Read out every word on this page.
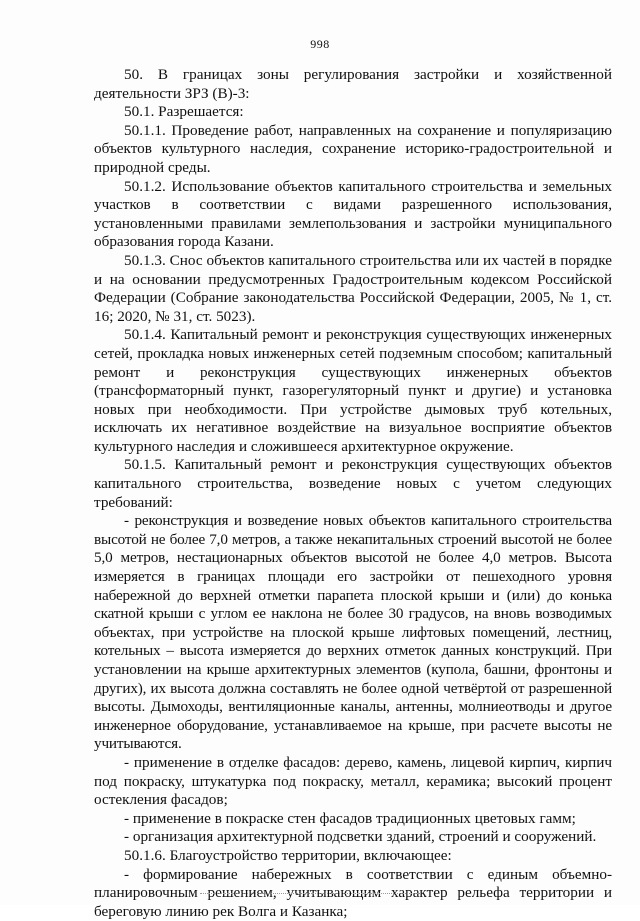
998

50. В границах зоны регулирования застройки и хозяйственной деятельности ЗРЗ (В)-3:

50.1. Разрешается:

50.1.1. Проведение работ, направленных на сохранение и популяризацию объектов культурного наследия, сохранение историко-градостроительной и природной среды.

50.1.2. Использование объектов капитального строительства и земельных участков в соответствии с видами разрешенного использования, установленными правилами землепользования и застройки муниципального образования города Казани.

50.1.3. Снос объектов капитального строительства или их частей в порядке и на основании предусмотренных Градостроительным кодексом Российской Федерации (Собрание законодательства Российской Федерации, 2005, № 1, ст. 16; 2020, № 31, ст. 5023).

50.1.4. Капитальный ремонт и реконструкция существующих инженерных сетей, прокладка новых инженерных сетей подземным способом; капитальный ремонт и реконструкция существующих инженерных объектов (трансформаторный пункт, газорегуляторный пункт и другие) и установка новых при необходимости. При устройстве дымовых труб котельных, исключать их негативное воздействие на визуальное восприятие объектов культурного наследия и сложившееся архитектурное окружение.

50.1.5. Капитальный ремонт и реконструкция существующих объектов капитального строительства, возведение новых с учетом следующих требований:

- реконструкция и возведение новых объектов капитального строительства высотой не более 7,0 метров, а также некапитальных строений высотой не более 5,0 метров, нестационарных объектов высотой не более 4,0 метров. Высота измеряется в границах площади его застройки от пешеходного уровня набережной до верхней отметки парапета плоской крыши и (или) до конька скатной крыши с углом ее наклона не более 30 градусов, на вновь возводимых объектах, при устройстве на плоской крыше лифтовых помещений, лестниц, котельных – высота измеряется до верхних отметок данных конструкций. При установлении на крыше архитектурных элементов (купола, башни, фронтоны и других), их высота должна составлять не более одной четвёртой от разрешенной высоты. Дымоходы, вентиляционные каналы, антенны, молниеотводы и другое инженерное оборудование, устанавливаемое на крыше, при расчете высоты не учитываются.

- применение в отделке фасадов: дерево, камень, лицевой кирпич, кирпич под покраску, штукатурка под покраску, металл, керамика; высокий процент остекления фасадов;

- применение в покраске стен фасадов традиционных цветовых гамм;

- организация архитектурной подсветки зданий, строений и сооружений.

50.1.6. Благоустройство территории, включающее:

- формирование набережных в соответствии с единым объемно-планировочным решением, учитывающим характер рельефа территории и береговую линию рек Волга и Казанка;
